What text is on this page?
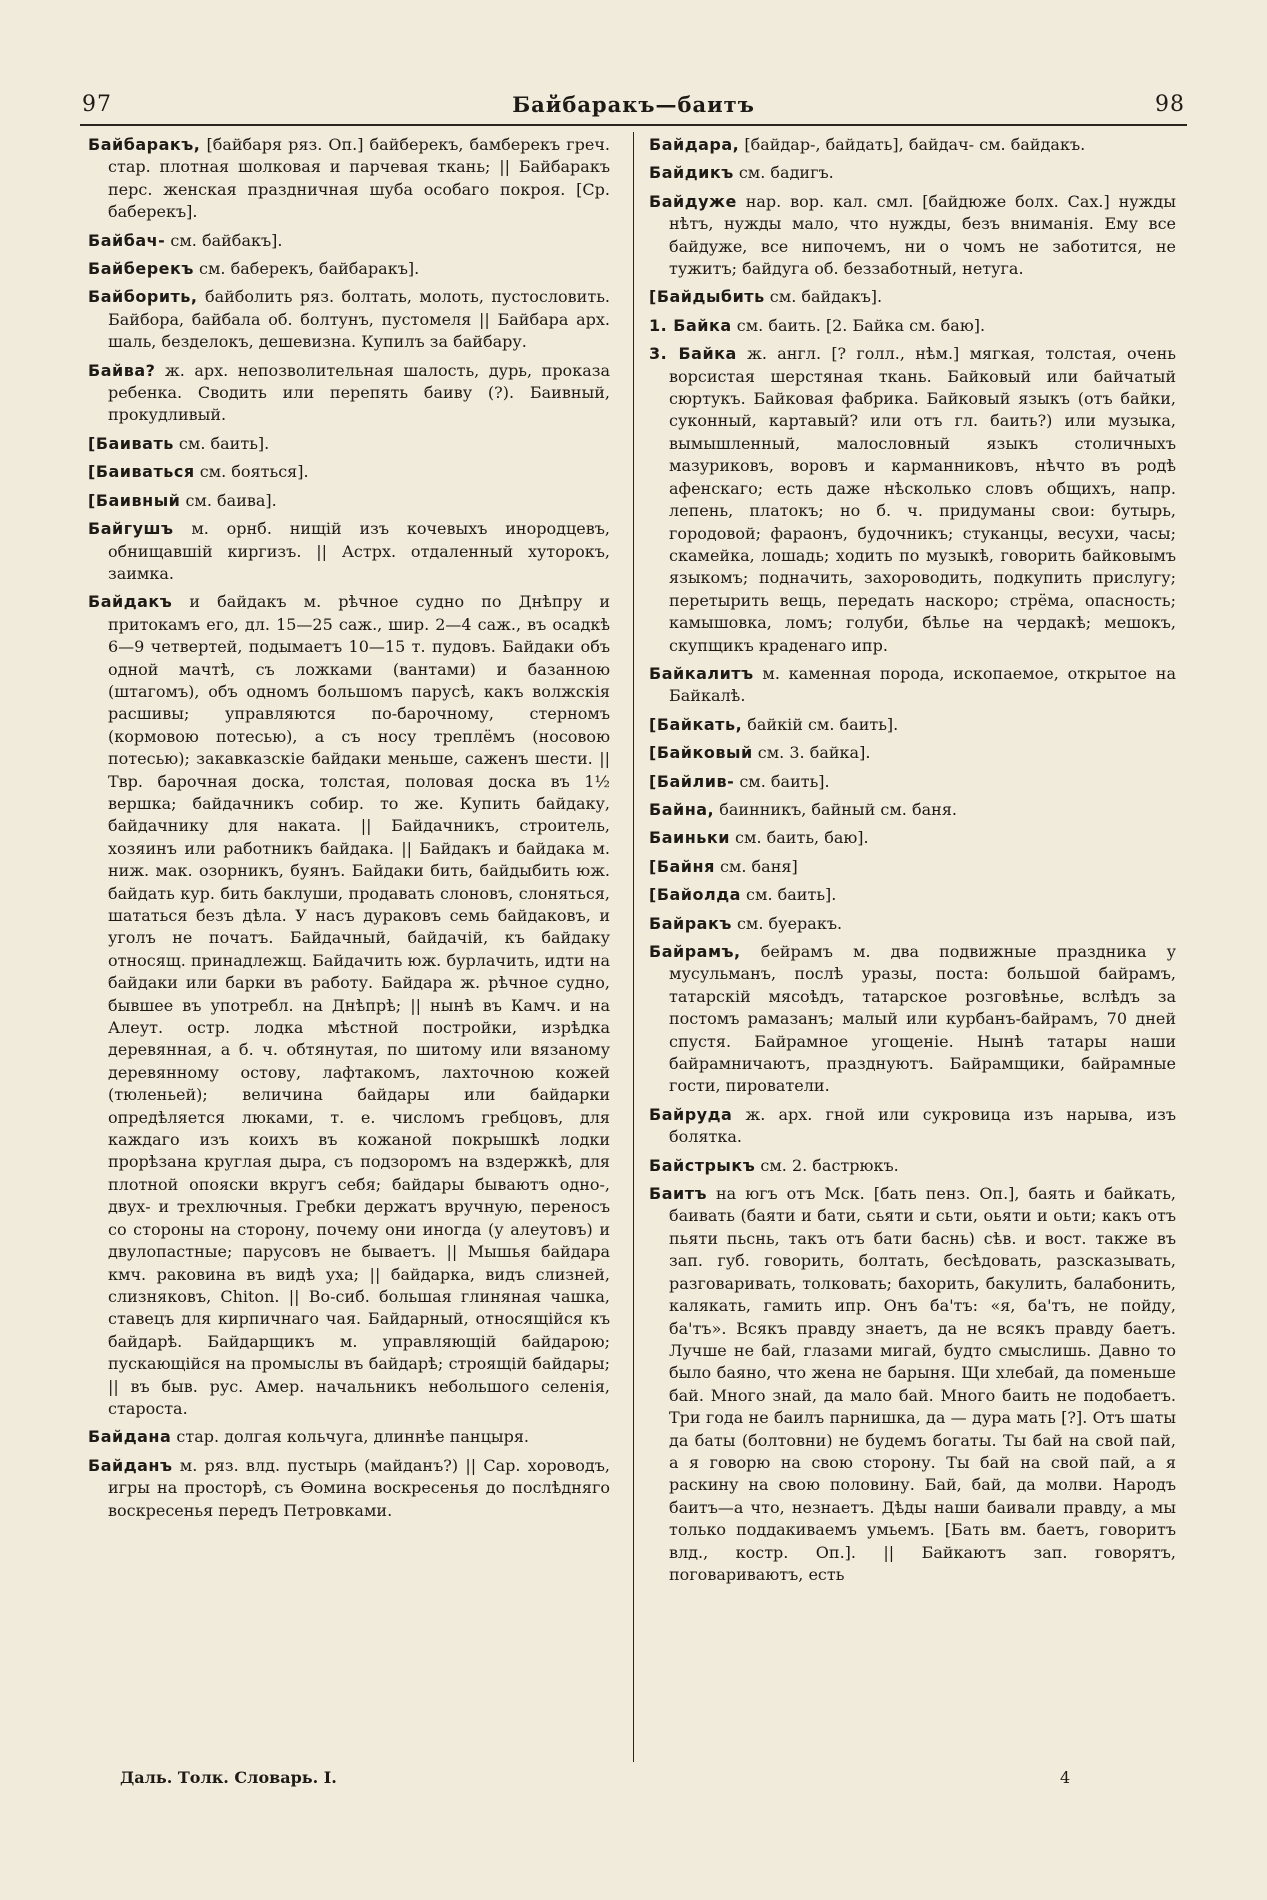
97	Байбаракъ—баитъ	98

Байбаракъ, [байбаря ряз. Оп.] байберекъ, бамберекъ греч. стар. плотная шолковая и парчевая ткань; || Байбаракъ перс. женская праздничная шуба особаго покроя. [Ср. баберекъ].

Байбач- см. байбакъ].

Байберекъ см. баберекъ, байбаракъ].

Байборить, байболить ряз. болтать, молоть, пустословить. Байбора, байбала об. болтунъ, пустомеля || Байбара арх. шаль, безделокъ, дешевизна. Купилъ за байбару.

Байва? ж. арх. непозволительная шалость, дурь, проказа ребенка. Сводить или перепять баиву (?). Баивный, прокудливый.

[Баивать см. баить].

[Баиваться см. бояться].

[Баивный см. баива].

Байгушъ м. орнб. нищій изъ кочевыхъ инородцевъ, обнищавшій киргизъ. || Астрх. отдаленный хуторокъ, заимка.

Байдакъ и байдакъ м. рѣчное судно по Днѣпру и притокамъ его, дл. 15—25 саж., шир. 2—4 саж., въ осадкѣ 6—9 четвертей, подымаетъ 10—15 т. пудовъ. Байдаки объ одной мачтѣ, съ ложками (вантами) и базанною (штагомъ), объ одномъ большомъ парусѣ, какъ волжскія расшивы; управляются по-барочному, стерномъ (кормовою потесью), а съ носу треплёмъ (носовою потесью); закавказскіе байдаки меньше, саженъ шести. || Твр. барочная доска, толстая, половая доска въ 1½ вершка; байдачникъ собир. то же. Купить байдаку, байдачнику для наката. || Байдачникъ, строитель, хозяинъ или работникъ байдака. || Байдакъ и байдака м. ниж. мак. озорникъ, буянъ. Байдаки бить, байдыбить юж. байдать кур. бить баклуши, продавать слоновъ, слоняться, шататься безъ дѣла. У насъ дураковъ семь байдаковъ, и уголъ не початъ. Байдачный, байдачій, къ байдаку относящ. принадлежщ. Байдачить юж. бурлачить, идти на байдаки или барки въ работу. Байдара ж. рѣчное судно, бывшее въ употребл. на Днѣпрѣ; || нынѣ въ Камч. и на Алеут. остр. лодка мѣстной постройки, изрѣдка деревянная, а б. ч. обтянутая, по шитому или вязаному деревянному остову, лафтакомъ, лахточною кожей (тюленьей); величина байдары или байдарки опредѣляется люками, т. е. числомъ гребцовъ, для каждаго изъ коихъ въ кожаной покрышкѣ лодки прорѣзана круглая дыра, съ подзоромъ на вздержкѣ, для плотной опояски вкругъ себя; байдары бываютъ одно-, двух- и трехлючныя. Гребки держатъ вручную, переносъ со стороны на сторону, почему они иногда (у алеутовъ) и двулопастные; парусовъ не бываетъ. || Мышья байдара кмч. раковина въ видѣ уха; || байдарка, видъ слизней, слизняковъ, Chiton. || Во-сиб. большая глиняная чашка, ставецъ для кирпичнаго чая. Байдарный, относящійся къ байдарѣ. Байдарщикъ м. управляющій байдарою; пускающійся на промыслы въ байдарѣ; строящій байдары; || въ быв. рус. Амер. начальникъ небольшого селенія, староста.

Байдана стар. долгая кольчуга, длиннѣе панцыря.

Байданъ м. ряз. влд. пустырь (майданъ?) || Сар. хороводъ, игры на просторѣ, съ Ѳомина воскресенья до послѣдняго воскресенья передъ Петровками.

Байдара, [байдар-, байдать], байдач- см. байдакъ.

Байдикъ см. бадигъ.

Байдуже нар. вор. кал. смл. [байдюже болх. Сах.] нужды нѣтъ, нужды мало, что нужды, безъ вниманія. Ему все байдуже, все нипочемъ, ни о чомъ не заботится, не тужитъ; байдуга об. беззаботный, нетуга.

[Байдыбить см. байдакъ].

1. Байка см. баить. [2. Байка см. баю].

3. Байка ж. англ. [? голл., нѣм.] мягкая, толстая, очень ворсистая шерстяная ткань. Байковый или байчатый сюртукъ. Байковая фабрика. Байковый языкъ (отъ байки, суконный, картавый? или отъ гл. баить?) или музыка, вымышленный, малословный языкъ столичныхъ мазуриковъ, воровъ и карманниковъ, нѣчто въ родѣ афенскаго; есть даже нѣсколько словъ общихъ, напр. лепень, платокъ; но б. ч. придуманы свои: бутырь, городовой; фараонъ, будочникъ; стуканцы, весухи, часы; скамейка, лошадь; ходить по музыкѣ, говорить байковымъ языкомъ; подначить, захороводить, подкупить прислугу; перетырить вещь, передать наскоро; стрёма, опасность; камышовка, ломъ; голуби, бѣлье на чердакѣ; мешокъ, скупщикъ краденаго ипр.

Байкалитъ м. каменная порода, ископаемое, открытое на Байкалѣ.

[Байкать, байкій см. баить].

[Байковый см. 3. байка].

[Байлив- см. баить].

Байна, баинникъ, байный см. баня.

Баиньки см. баить, баю].

[Байня см. баня]

[Байолда см. баить].

Байракъ см. буеракъ.

Байрамъ, бейрамъ м. два подвижные праздника у мусульманъ, послѣ уразы, поста: большой байрамъ, татарскій мясоѣдъ, татарское розговѣнье, вслѣдъ за постомъ рамазанъ; малый или курбанъ-байрамъ, 70 дней спустя. Байрамное угощеніе. Нынѣ татары наши байрамничаютъ, празднуютъ. Байрамщики, байрамные гости, пирователи.

Байруда ж. арх. гной или сукровица изъ нарыва, изъ болятка.

Байстрыкъ см. 2. бастрюкъ.

Баитъ на югъ отъ Мск. [бать пенз. Оп.], баять и байкать, баивать (баяти и бати, сьяти и сьти, оьяти и оьти; какъ отъ пьяти пьснь, такъ отъ бати баснь) сѣв. и вост. также въ зап. губ. говорить, болтать, бесѣдовать, разсказывать, разговаривать, толковать; бахорить, бакулить, балабонить, калякать, гамить ипр. Онъ ба'тъ: «я, ба'тъ, не пойду, ба'тъ». Всякъ правду знаетъ, да не всякъ правду баетъ. Лучше не бай, глазами мигай, будто смыслишь. Давно то было баяно, что жена не барыня. Щи хлебай, да поменьше бай. Много знай, да мало бай. Много баить не подобаетъ. Три года не баилъ парнишка, да — дура мать [?]. Отъ шаты да баты (болтовни) не будемъ богаты. Ты бай на свой пай, а я говорю на свою сторону. Ты бай на свой пай, а я раскину на свою половину. Бай, бай, да молви. Народъ баитъ—а что, незнаетъ. Дѣды наши баивали правду, а мы только поддакиваемъ умьемъ. [Бать вм. баетъ, говоритъ влд., костр. Оп.]. || Байкаютъ зап. говорятъ, поговариваютъ, есть

Даль. Толк. Словарь. I.	4
